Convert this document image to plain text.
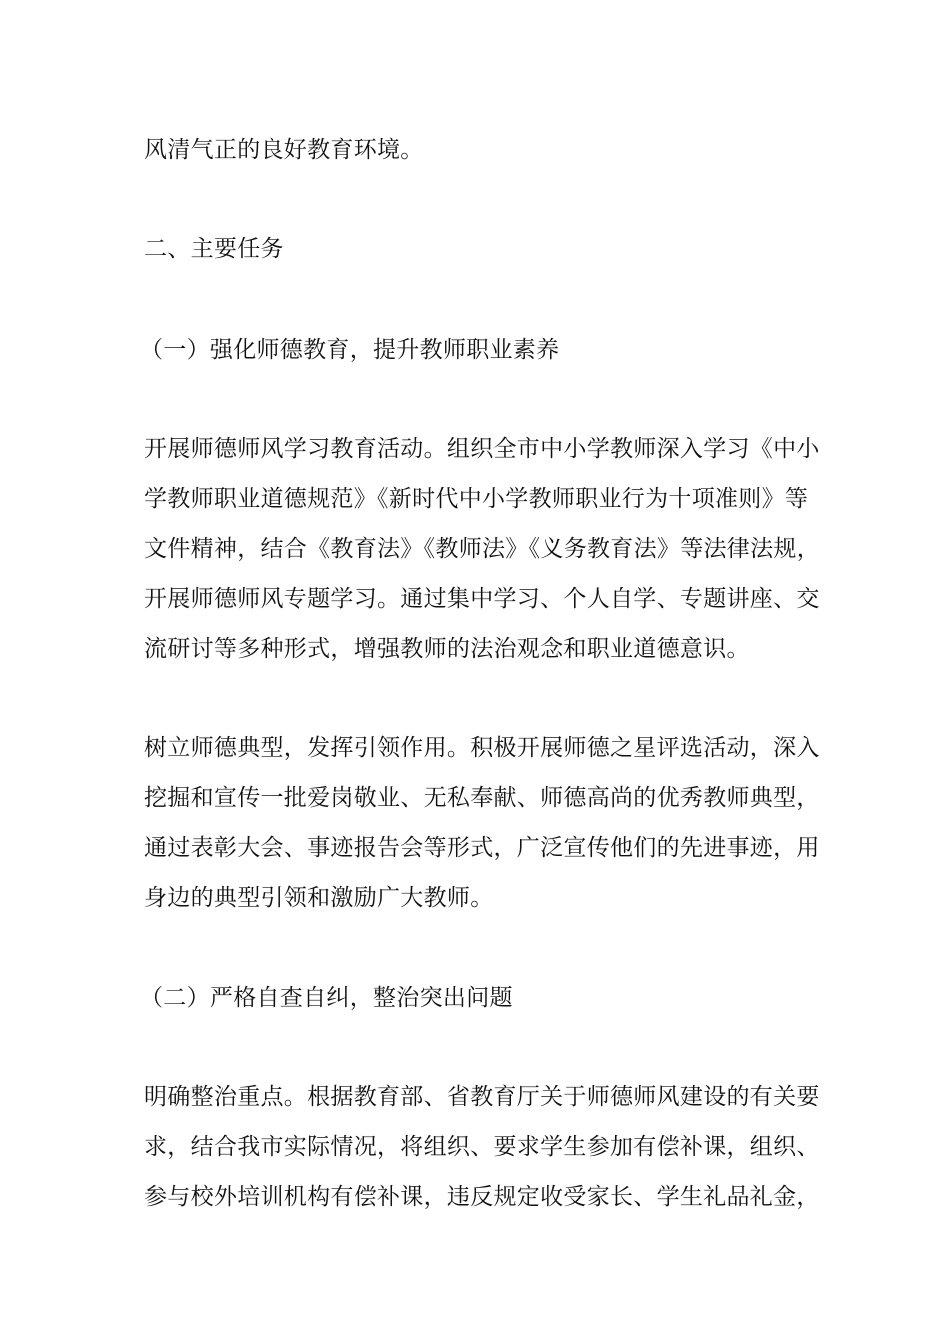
风清气正的良好教育环境。
二、主要任务
（一）强化师德教育，提升教师职业素养
开展师德师风学习教育活动。组织全市中小学教师深入学习《中小
学教师职业道德规范》《新时代中小学教师职业行为十项准则》等
文件精神，结合《教育法》《教师法》《义务教育法》等法律法规，
开展师德师风专题学习。通过集中学习、个人自学、专题讲座、交
流研讨等多种形式，增强教师的法治观念和职业道德意识。
树立师德典型，发挥引领作用。积极开展师德之星评选活动，深入
挖掘和宣传一批爱岗敬业、无私奉献、师德高尚的优秀教师典型，
通过表彰大会、事迹报告会等形式，广泛宣传他们的先进事迹，用
身边的典型引领和激励广大教师。
（二）严格自查自纠，整治突出问题
明确整治重点。根据教育部、省教育厅关于师德师风建设的有关要
求，结合我市实际情况，将组织、要求学生参加有偿补课，组织、
参与校外培训机构有偿补课，违反规定收受家长、学生礼品礼金，
